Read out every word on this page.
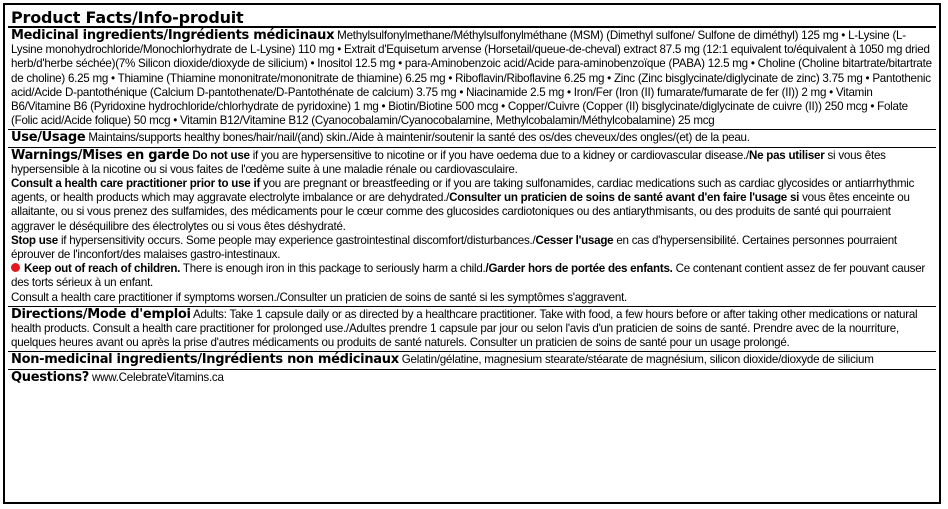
Product Facts/Info-produit
Medicinal ingredients/Ingrédients médicinaux Methylsulfonylmethane/Méthylsulfonylméthane (MSM) (Dimethyl sulfone/ Sulfone de diméthyl) 125 mg • L-Lysine (L-Lysine monohydrochloride/Monochlorhydrate de L-Lysine) 110 mg • Extrait d'Equisetum arvense (Horsetail/queue-de-cheval) extract 87.5 mg (12:1 equivalent to/équivalent à 1050 mg dried herb/d'herbe séchée)(7% Silicon dioxide/dioxyde de silicium) • Inositol 12.5 mg • para-Aminobenzoic acid/Acide para-aminobenzoïque (PABA) 12.5 mg • Choline (Choline bitartrate/bitartrate de choline) 6.25 mg • Thiamine (Thiamine mononitrate/mononitrate de thiamine) 6.25 mg • Riboflavin/Riboflavine 6.25 mg • Zinc (Zinc bisglycinate/diglycinate de zinc) 3.75 mg • Pantothenic acid/Acide D-pantothénique (Calcium D-pantothenate/D-Pantothénate de calcium) 3.75 mg • Niacinamide 2.5 mg • Iron/Fer (Iron (II) fumarate/fumarate de fer (II)) 2 mg • Vitamin B6/Vitamine B6 (Pyridoxine hydrochloride/chlorhydrate de pyridoxine) 1 mg • Biotin/Biotine 500 mcg • Copper/Cuivre (Copper (II) bisglycinate/diglycinate de cuivre (II)) 250 mcg • Folate (Folic acid/Acide folique) 50 mcg • Vitamin B12/Vitamine B12 (Cyanocobalamin/Cyanocobalamine, Methylcobalamin/Méthylcobalamine) 25 mcg
Use/Usage Maintains/supports healthy bones/hair/nail/(and) skin./Aide à maintenir/soutenir la santé des os/des cheveux/des ongles/(et) de la peau.

Warnings/Mises en garde Do not use if you are hypersensitive to nicotine or if you have oedema due to a kidney or cardiovascular disease./Ne pas utiliser si vous êtes hypersensible à la nicotine ou si vous faites de l'œdème suite à une maladie rénale ou cardiovasculaire.

Consult a health care practitioner prior to use if you are pregnant or breastfeeding or if you are taking sulfonamides, cardiac medications such as cardiac glycosides or antiarrhythmic agents, or health products which may aggravate electrolyte imbalance or are dehydrated./Consulter un praticien de soins de santé avant d'en faire l'usage si vous êtes enceinte ou allaitante, ou si vous prenez des sulfamides, des médicaments pour le cœur comme des glucosides cardiotoniques ou des antiarythmisants, ou des produits de santé qui pourraient aggraver le déséquilibre des électrolytes ou si vous êtes déshydraté.

Stop use if hypersensitivity occurs. Some people may experience gastrointestinal discomfort/disturbances./Cesser l'usage en cas d'hypersensibilité. Certaines personnes pourraient éprouver de l'inconfort/des malaises gastro-intestinaux.

Keep out of reach of children. There is enough iron in this package to seriously harm a child./Garder hors de portée des enfants. Ce contenant contient assez de fer pouvant causer des torts sérieux à un enfant.

Consult a health care practitioner if symptoms worsen./Consulter un praticien de soins de santé si les symptômes s'aggravent.

Directions/Mode d'emploi Adults: Take 1 capsule daily or as directed by a healthcare practitioner. Take with food, a few hours before or after taking other medications or natural health products. Consult a health care practitioner for prolonged use./Adultes prendre 1 capsule par jour ou selon l'avis d'un praticien de soins de santé. Prendre avec de la nourriture, quelques heures avant ou après la prise d'autres médicaments ou produits de santé naturels. Consulter un praticien de soins de santé pour un usage prolongé.
Non-medicinal ingredients/Ingrédients non médicinaux Gelatin/gélatine, magnesium stearate/stéarate de magnésium, silicon dioxide/dioxyde de silicium
Questions? www.CelebrateVitamins.ca
